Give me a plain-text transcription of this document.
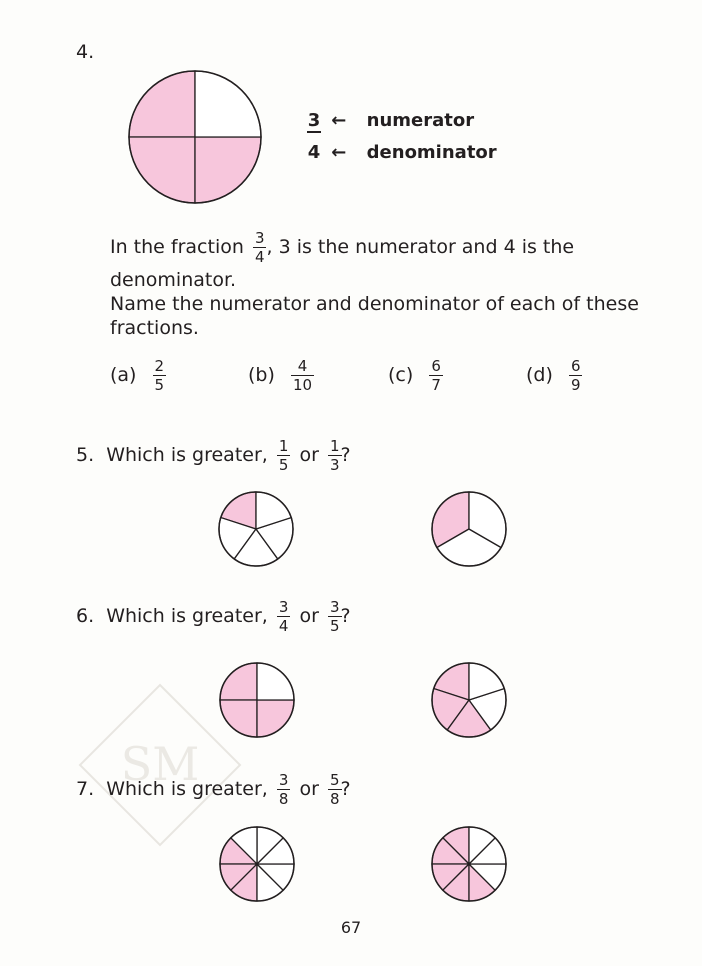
SM
4.
3 ← numerator
4 ← denominator
In the fraction $\frac{3}{4}$ , 3 is the numerator and 4 is the
denominator.
Name the numerator and denominator of each of these
fractions.
$(a) \frac{2}{5}$	$(b) \frac{4}{10}$	$(c) \frac{6}{7}$	$(d) \frac{6}{9}$
5. Which is greater, $\frac{1}{5}$ or $\frac{1}{3}$ ?
6. Which is greater, $\frac{3}{4}$ or $\frac{3}{5}$ ?
7. Which is greater, $\frac{3}{8}$ or $\frac{5}{8}$ ?
67
